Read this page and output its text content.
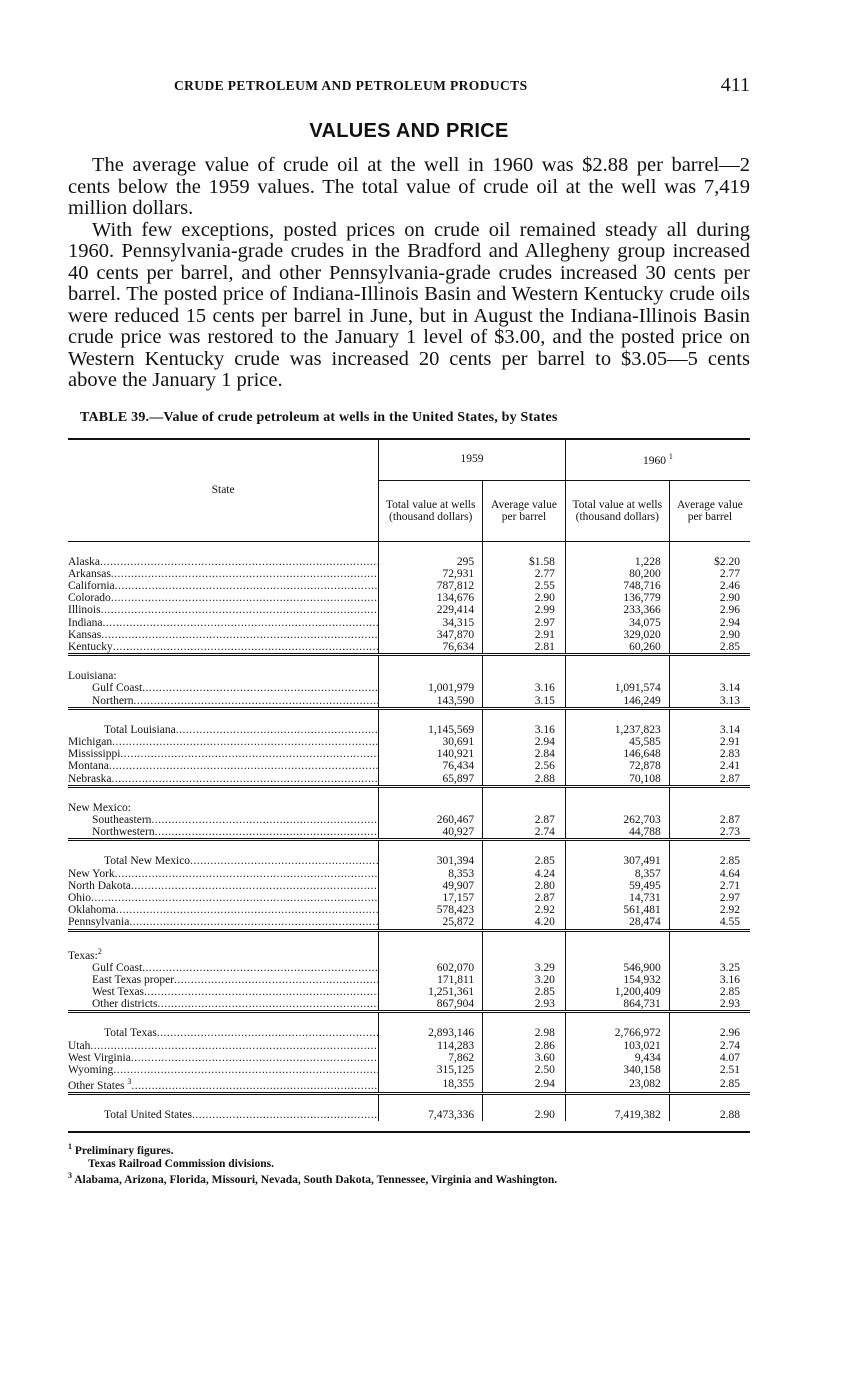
CRUDE PETROLEUM AND PETROLEUM PRODUCTS	411
VALUES AND PRICE

The average value of crude oil at the well in 1960 was $2.88 per barrel—2 cents below the 1959 values. The total value of crude oil at the well was 7,419 million dollars.

With few exceptions, posted prices on crude oil remained steady all during 1960. Pennsylvania-grade crudes in the Bradford and Allegheny group increased 40 cents per barrel, and other Pennsylvania-grade crudes increased 30 cents per barrel. The posted price of Indiana-Illinois Basin and Western Kentucky crude oils were reduced 15 cents per barrel in June, but in August the Indiana-Illinois Basin crude price was restored to the January 1 level of $3.00, and the posted price on Western Kentucky crude was increased 20 cents per barrel to $3.05—5 cents above the January 1 price.

TABLE 39.—Value of crude petroleum at wells in the United States, by States
State	1959		1960 $^1$
	Total value at wells (thousand dollars)	Average value per barrel	Total value at wells (thousand dollars)	Average value per barrel

Alaska .....	295	$1.58	1,228	$2.20
Arkansas .....	72,931	2.77	80,200	2.77
California .....	787,812	2.55	748,716	2.46
Colorado .....	134,676	2.90	136,779	2.90
Illinois .....	229,414	2.99	233,366	2.96
Indiana .....	34,315	2.97	34,075	2.94
Kansas .....	347,870	2.91	329,020	2.90
Kentucky .....	76,634	2.81	60,260	2.85
Louisiana:				
Gulf Coast .....	1,001,979	3.16	1,091,574	3.14
Northern .....	143,590	3.15	146,249	3.13
Total Louisiana .....	1,145,569	3.16	1,237,823	3.14
Michigan .....	30,691	2.94	45,585	2.91
Mississippi .....	140,921	2.84	146,648	2.83
Montana .....	76,434	2.56	72,878	2.41
Nebraska .....	65,897	2.88	70,108	2.87
New Mexico:				
Southeastern .....	260,467	2.87	262,703	2.87
Northwestern .....	40,927	2.74	44,788	2.73
Total New Mexico .....	301,394	2.85	307,491	2.85
New York .....	8,353	4.24	8,357	4.64
North Dakota .....	49,907	2.80	59,495	2.71
Ohio .....	17,157	2.87	14,731	2.97
Oklahoma .....	578,423	2.92	561,481	2.92
Pennsylvania .....	25,872	4.20	28,474	4.55
Texas:$^2$				
Gulf Coast .....	602,070	3.29	546,900	3.25
East Texas proper .....	171,811	3.20	154,932	3.16
West Texas .....	1,251,361	2.85	1,200,409	2.85
Other districts .....	867,904	2.93	864,731	2.93
Total Texas .....	2,893,146	2.98	2,766,972	2.96
Utah .....	114,283	2.86	103,021	2.74
West Virginia .....	7,862	3.60	9,434	4.07
Wyoming .....	315,125	2.50	340,158	2.51
Other States $^3$ .....	18,355	2.94	23,082	2.85
Total United States .....	7,473,336	2.90	7,419,382	2.88
$^1$ Preliminary figures.
Texas Railroad Commission divisions.
$^3$ Alabama, Arizona, Florida, Missouri, Nevada, South Dakota, Tennessee, Virginia and Washington.
